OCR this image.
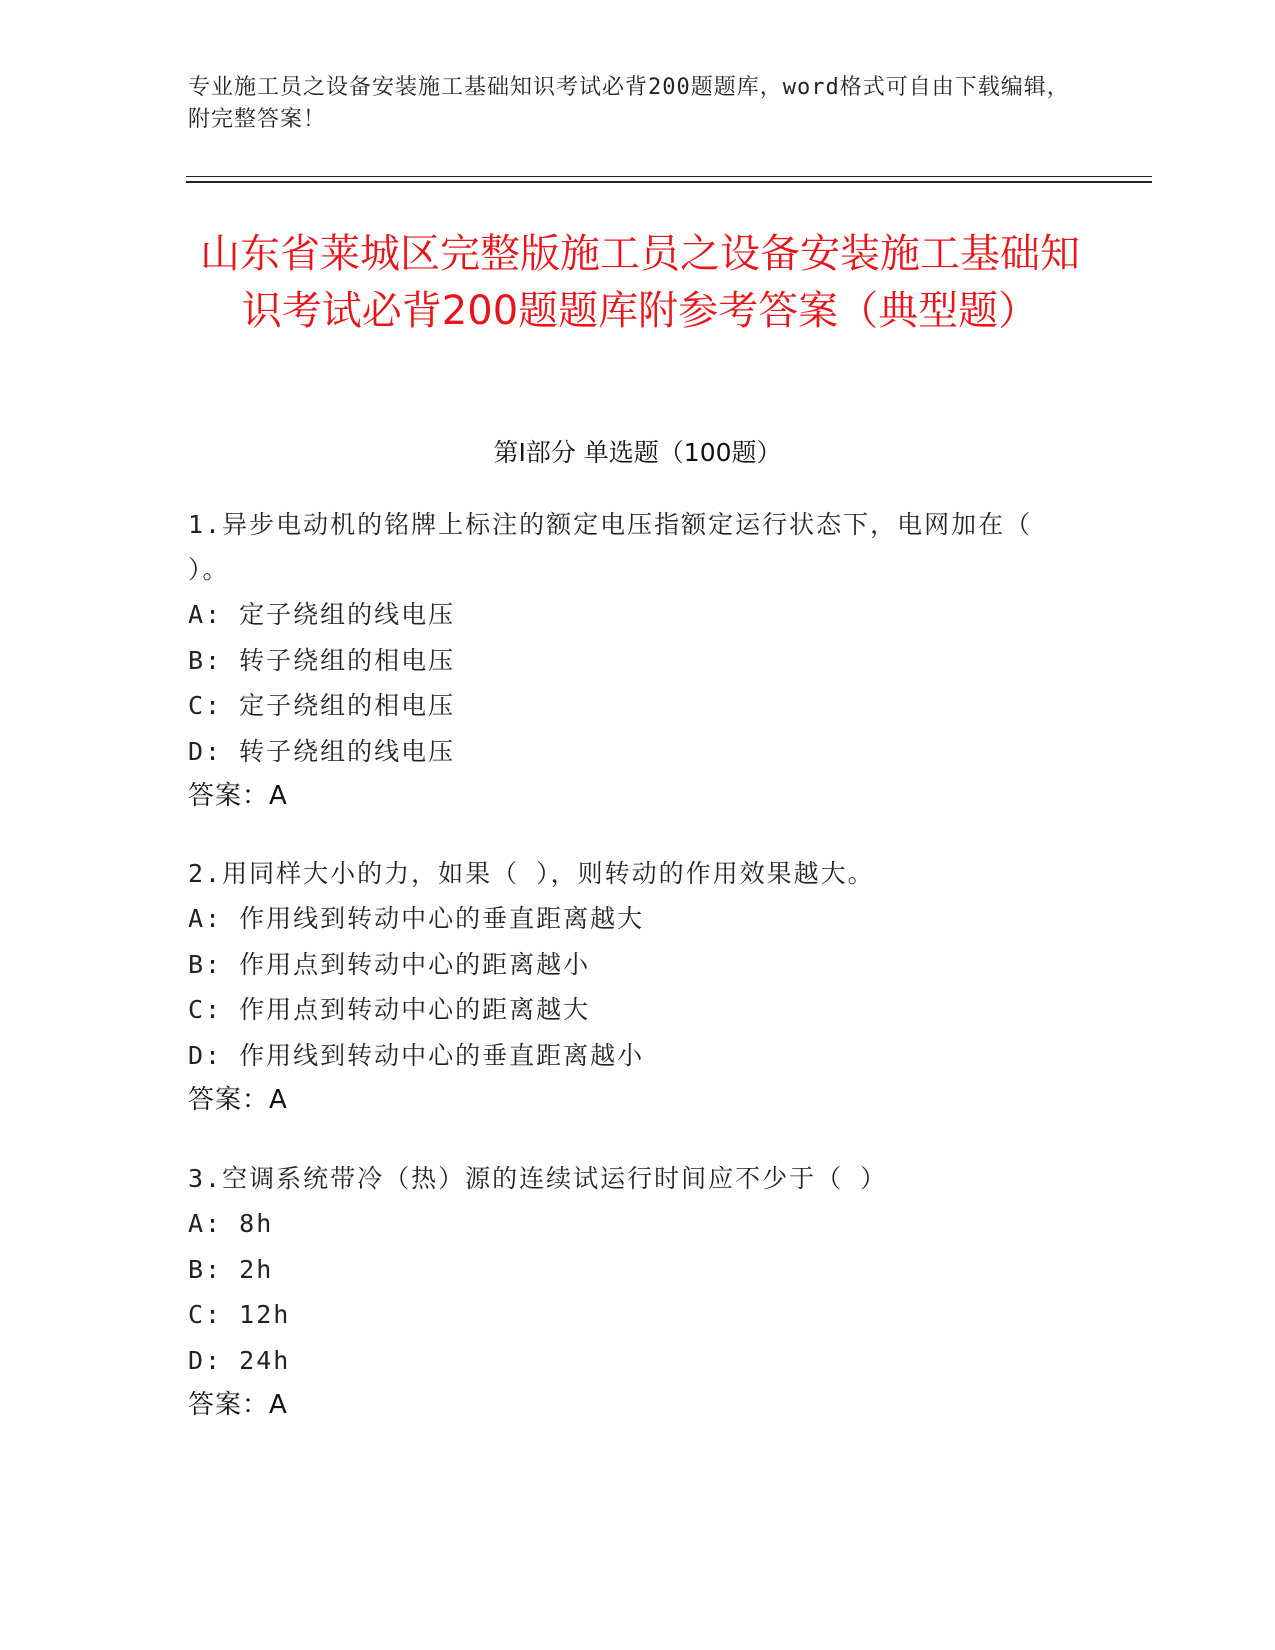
专业施工员之设备安装施工基础知识考试必背200题题库，word格式可自由下载编辑，附完整答案！
山东省莱城区完整版施工员之设备安装施工基础知识考试必背200题题库附参考答案（典型题）
第Ⅰ部分 单选题（100题）
1.异步电动机的铭牌上标注的额定电压指额定运行状态下，电网加在（ ）。
A: 定子绕组的线电压
B: 转子绕组的相电压
C: 定子绕组的相电压
D: 转子绕组的线电压
答案：A
2.用同样大小的力，如果（ ），则转动的作用效果越大。
A: 作用线到转动中心的垂直距离越大
B: 作用点到转动中心的距离越小
C: 作用点到转动中心的距离越大
D: 作用线到转动中心的垂直距离越小
答案：A
3.空调系统带冷（热）源的连续试运行时间应不少于（ ）
A: 8h
B: 2h
C: 12h
D: 24h
答案：A
